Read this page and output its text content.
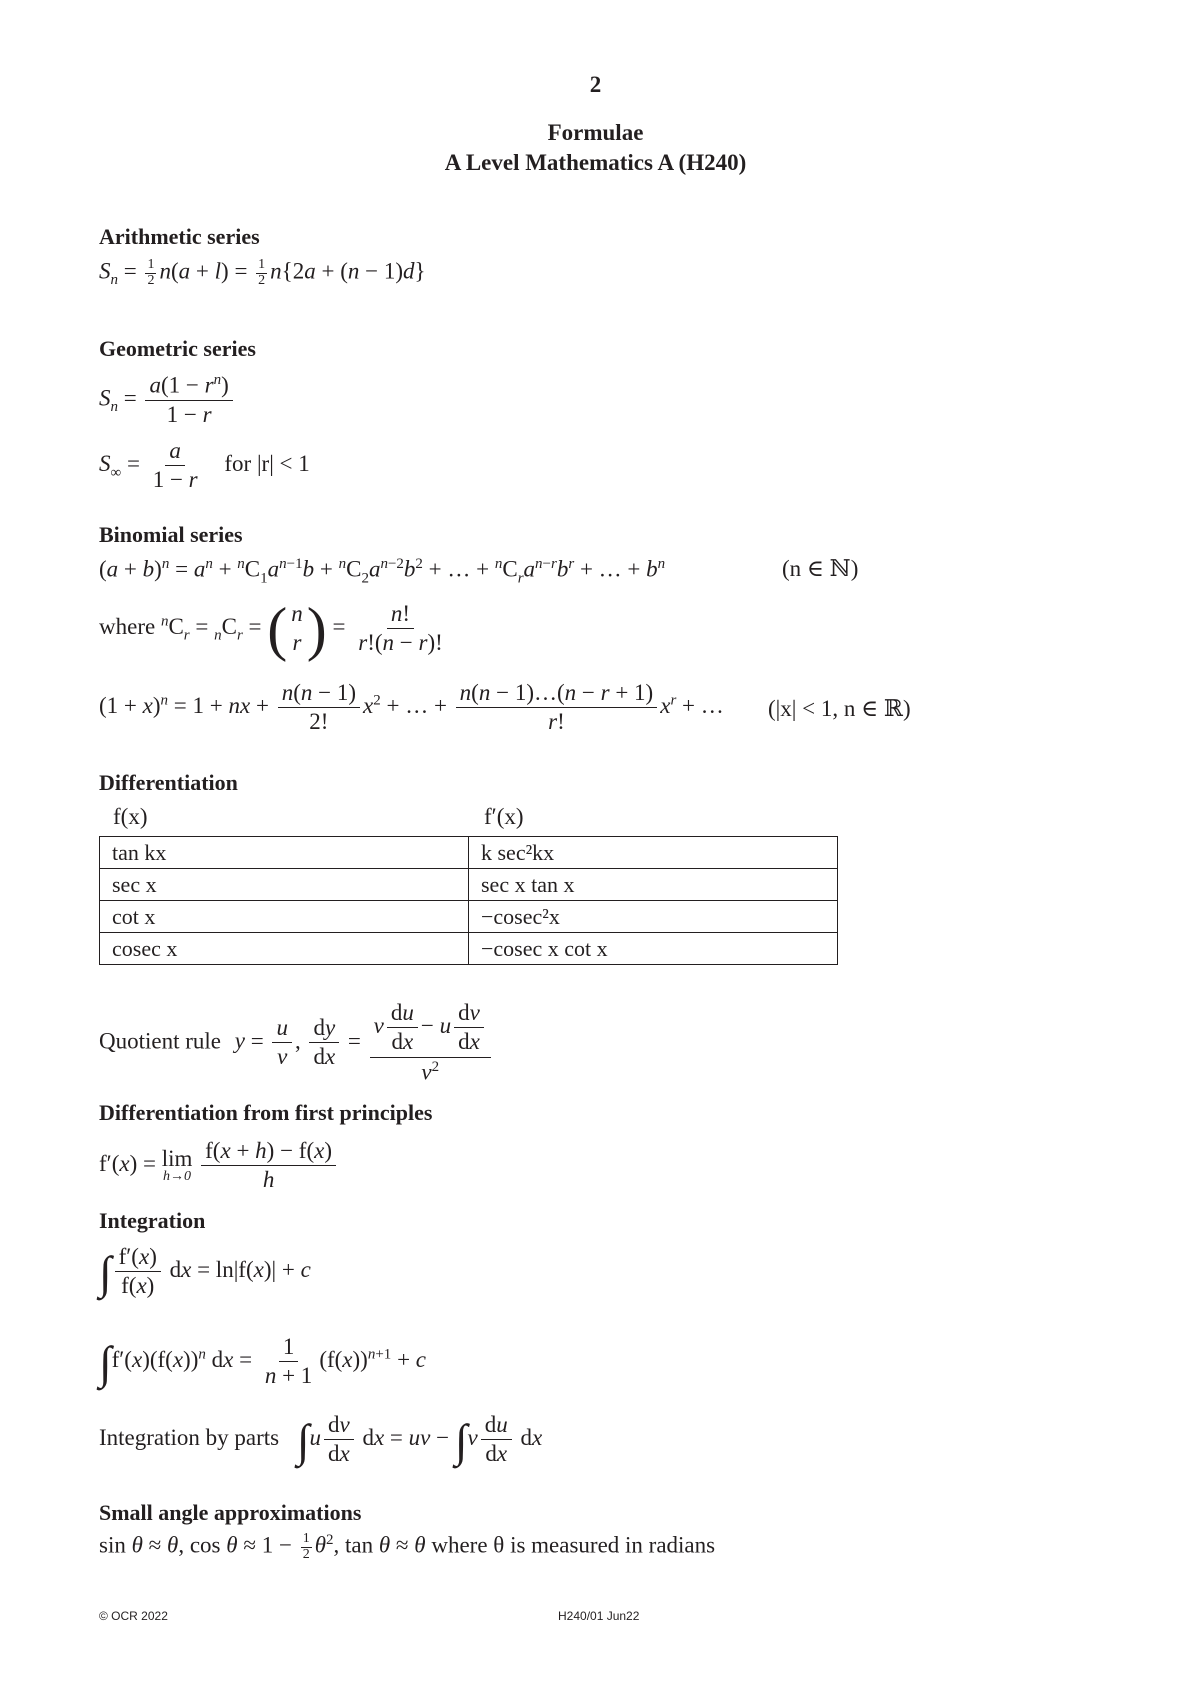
2
Formulae
A Level Mathematics A (H240)
Arithmetic series
$S_n = \frac{1}{2} n(a + l) = \frac{1}{2} n\{2a + (n - 1)d\}$
Geometric series
$S_n = \frac{a(1 - r^n)}{1 - r}$
$S_\infty = \frac{a}{1 - r}$ for |r| < 1
Binomial series
$(a + b)^n = a^n + ^nC_1a^{n-1}b + ^nC_2a^{n-2}b^2$ + … + $^nC_ra^{n-r}b^r$ + … + $b^n$	(n ∈ ℕ)
where $^nC_r = _nC_r$ = ( n
r ) = $\frac{n!}{r!(n - r)!}$
$(1 + x)^n = 1$ + nx + $\frac{n(n - 1)}{2!} x^2$ + … + $\frac{n(n - 1)\dots(n - r + 1)}{r!} x^r$ + … (|x| < 1, n ∈ ℝ)
Differentiation
f(x)	f′(x)
tan kx	k sec²kx
sec x	sec x tan x
cot x	−cosec²x
cosec x	−cosec x cot x
Quotient rule $y = \frac{u}{v}$ , $\frac{dy}{dx} = \frac{v \frac{du}{dx} - u \frac{dv}{dx}}{v^2}$
Differentiation from first principles
f′(x) = lim
h→0
$\frac{f(x + h) - f(x)}{h}$
Integration
∫ $\frac{f'(x)}{f(x)}$ dx = ln|f(x)| + c
$\int f'(x)(f(x))^n$ dx = $\frac{1}{n + 1} (f(x))^{n+1} + c$
Integration by parts $\int u \frac{dv}{dx}$ dx = uv − $\int v \frac{du}{dx}$ dx
Small angle approximations
sin θ ≈ θ, $\cos \theta \approx 1 - \frac{1}{2} \theta^2$, tan θ ≈ θ where θ is measured in radians
© OCR 2022	H240/01 Jun22
